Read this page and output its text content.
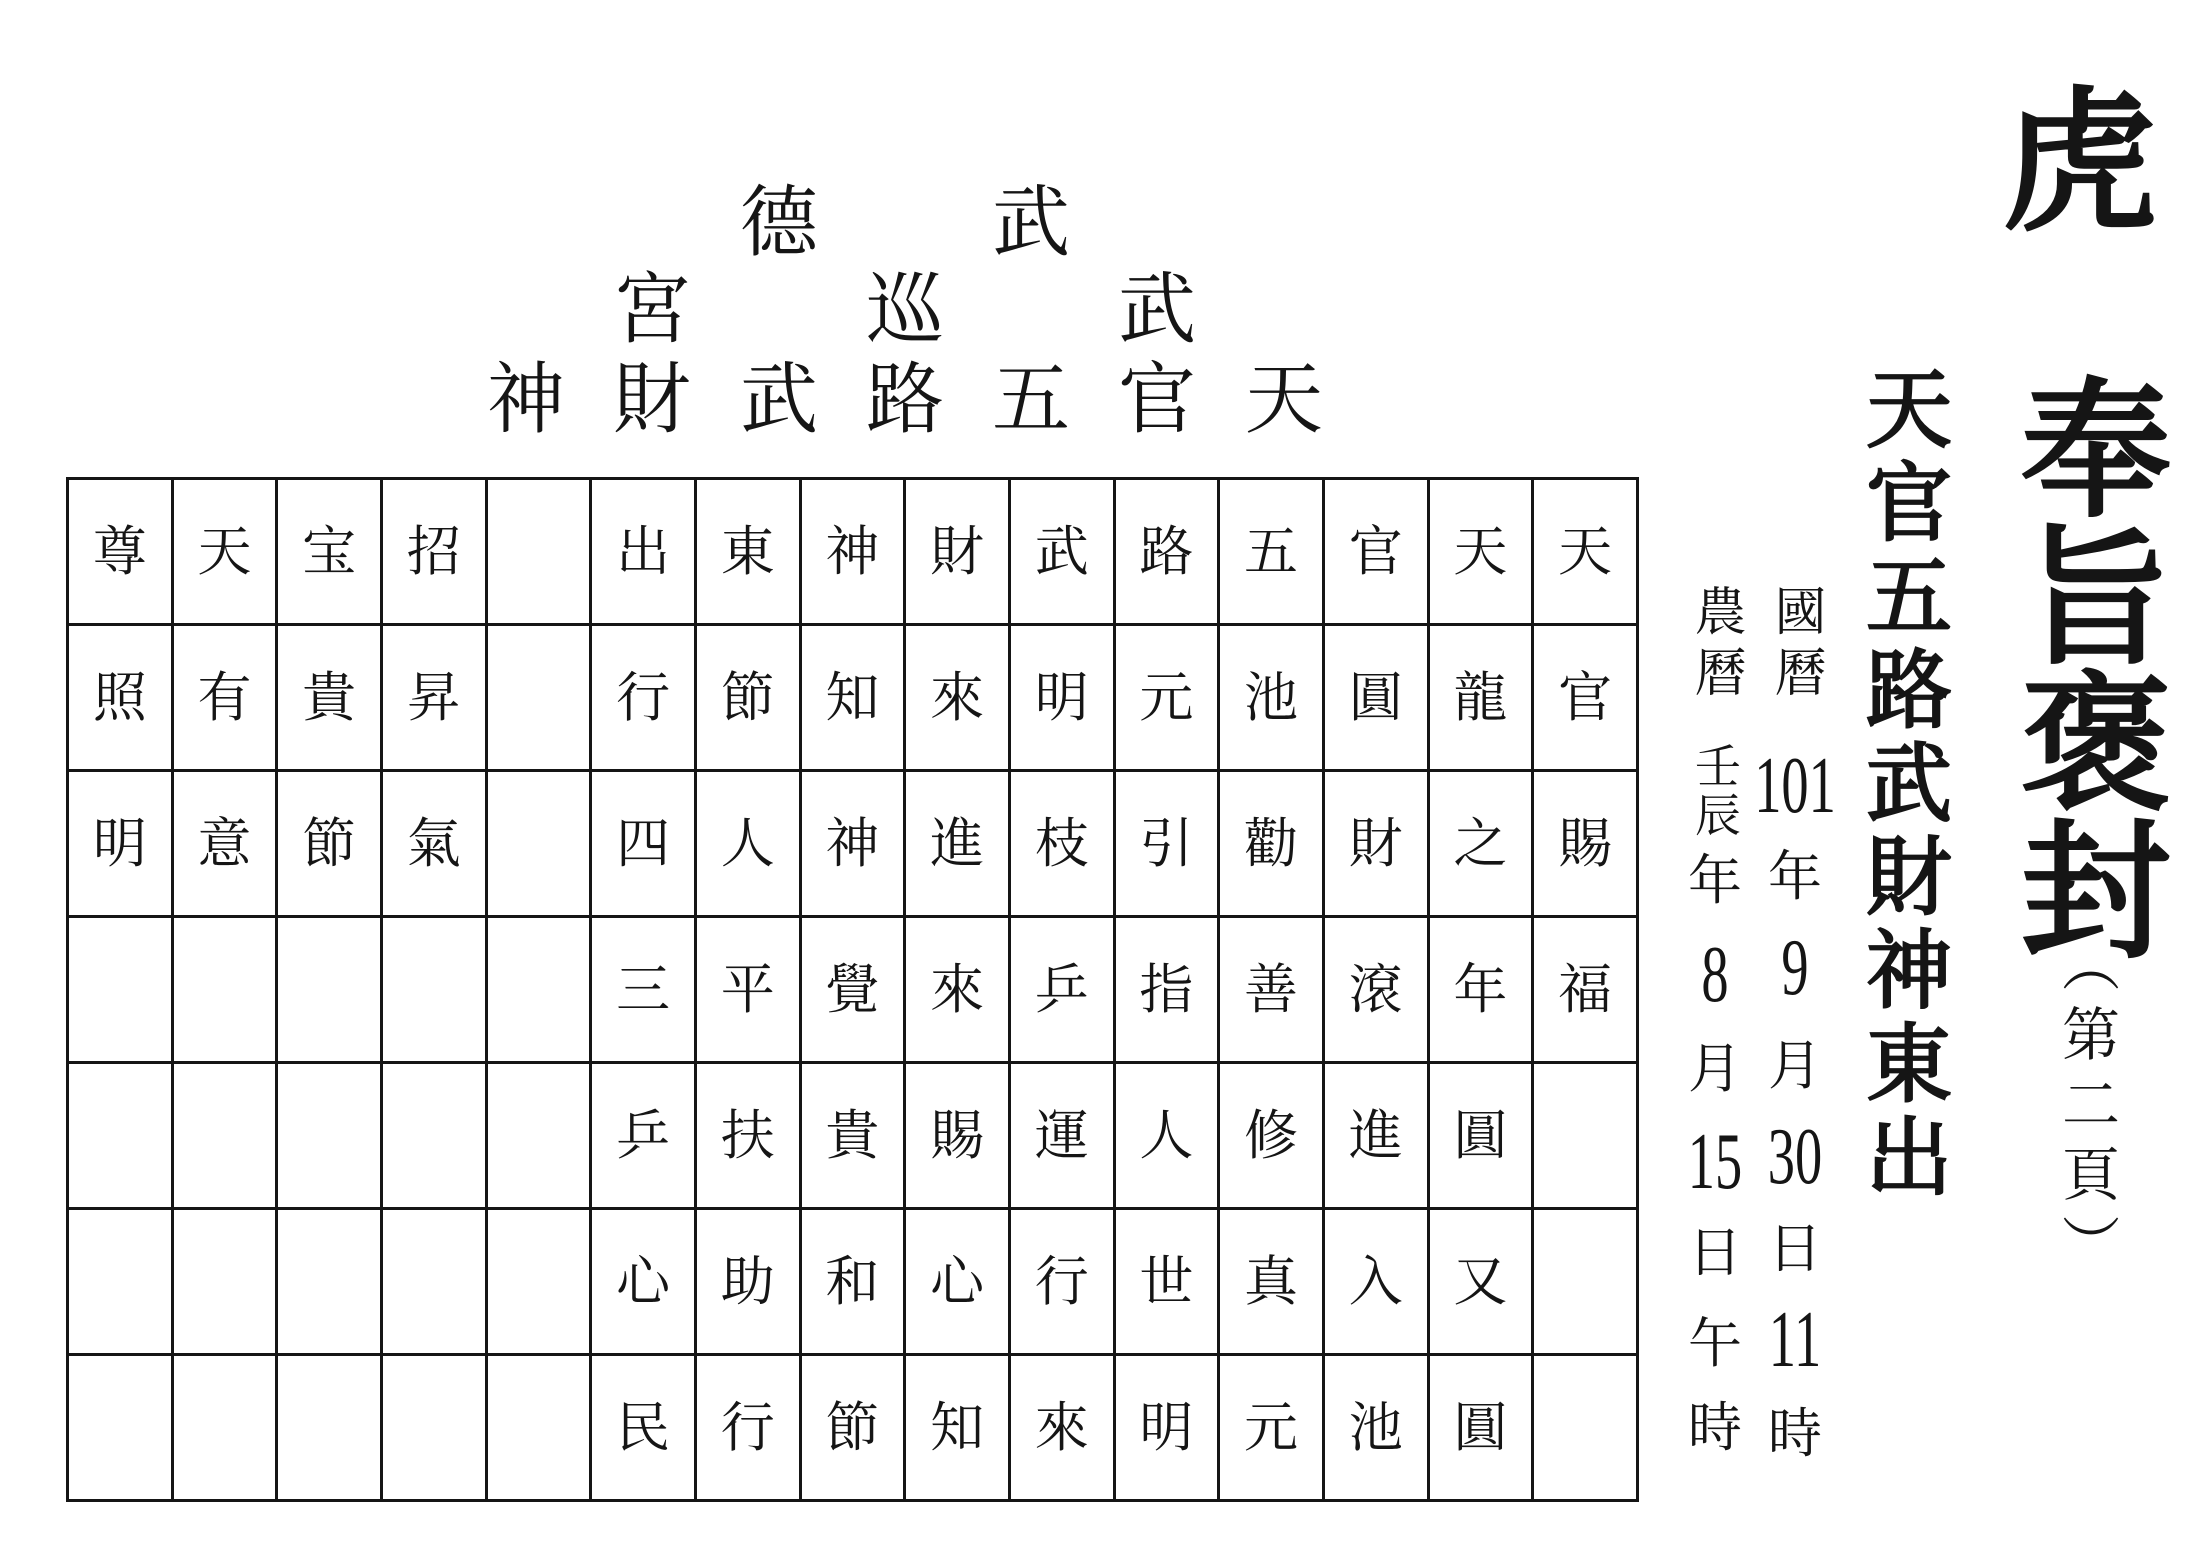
德 武
宮 巡 武
神 財 武 路 五 官 天
尊	天	宝	招		出	東	神	財	武	路	五	官	天	天
照	有	貴	昇		行	節	知	來	明	元	池	圓	龍	官
明	意	節	氣		四	人	神	進	枝	引	勸	財	之	賜
					三	平	覺	來	乒	指	善	滾	年	福
					乒	扶	貴	賜	運	人	修	進	圓	
					心	助	和	心	行	世	真	入	又	
					民	行	節	知	來	明	元	池	圓	
虎
奉旨褒封
（第二頁）
天官五路武財神東出
國曆
101
年
9
月
30
日
11
時
農曆
壬辰
年
8
月
15
日
午
時
